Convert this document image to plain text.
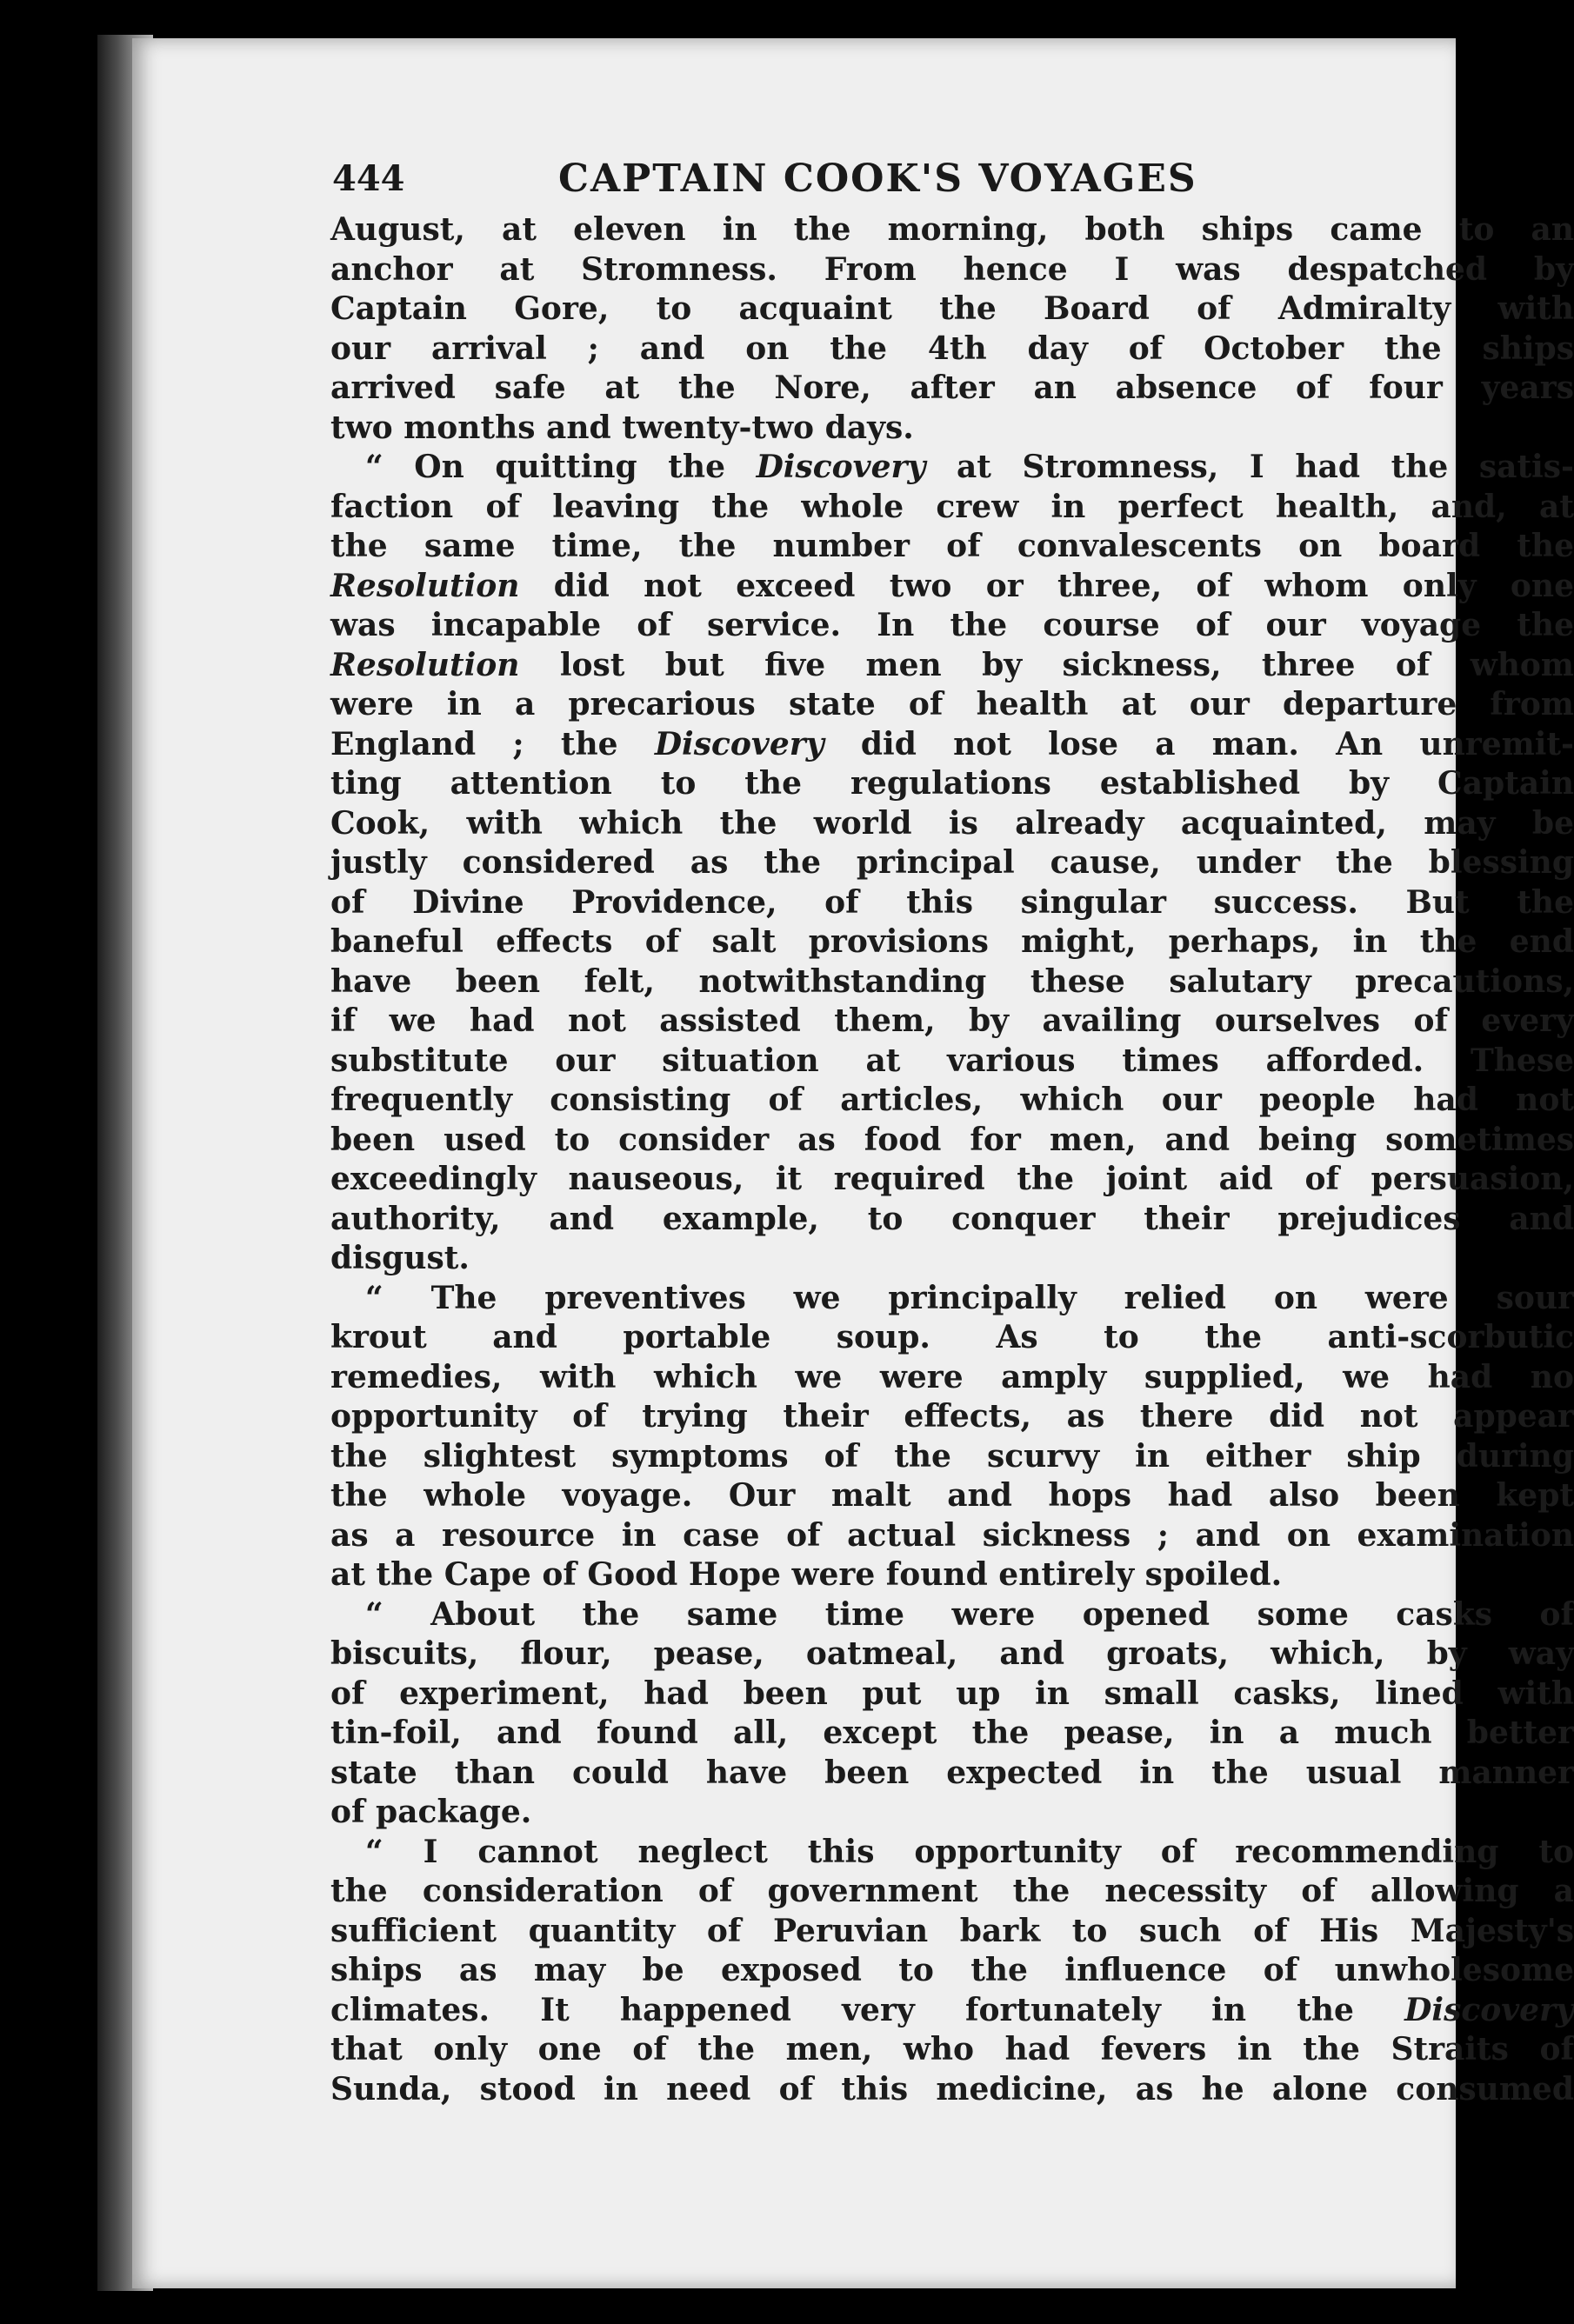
444	CAPTAIN COOK'S VOYAGES
August, at eleven in the morning, both ships came to an
anchor at Stromness. From hence I was despatched by
Captain Gore, to acquaint the Board of Admiralty with
our arrival ; and on the 4th day of October the ships
arrived safe at the Nore, after an absence of four years
two months and twenty-two days.
“ On quitting the Discovery at Stromness, I had the satis-
faction of leaving the whole crew in perfect health, and, at
the same time, the number of convalescents on board the
Resolution did not exceed two or three, of whom only one
was incapable of service. In the course of our voyage the
Resolution lost but five men by sickness, three of whom
were in a precarious state of health at our departure from
England ; the Discovery did not lose a man. An unremit-
ting attention to the regulations established by Captain
Cook, with which the world is already acquainted, may be
justly considered as the principal cause, under the blessing
of Divine Providence, of this singular success. But the
baneful effects of salt provisions might, perhaps, in the end
have been felt, notwithstanding these salutary precautions,
if we had not assisted them, by availing ourselves of every
substitute our situation at various times afforded. These
frequently consisting of articles, which our people had not
been used to consider as food for men, and being sometimes
exceedingly nauseous, it required the joint aid of persuasion,
authority, and example, to conquer their prejudices and
disgust.
“ The preventives we principally relied on were sour
krout and portable soup. As to the anti-scorbutic
remedies, with which we were amply supplied, we had no
opportunity of trying their effects, as there did not appear
the slightest symptoms of the scurvy in either ship during
the whole voyage. Our malt and hops had also been kept
as a resource in case of actual sickness ; and on examination
at the Cape of Good Hope were found entirely spoiled.
“ About the same time were opened some casks of
biscuits, flour, pease, oatmeal, and groats, which, by way
of experiment, had been put up in small casks, lined with
tin-foil, and found all, except the pease, in a much better
state than could have been expected in the usual manner
of package.
“ I cannot neglect this opportunity of recommending to
the consideration of government the necessity of allowing a
sufficient quantity of Peruvian bark to such of His Majesty's
ships as may be exposed to the influence of unwholesome
climates. It happened very fortunately in the Discovery
that only one of the men, who had fevers in the Straits of
Sunda, stood in need of this medicine, as he alone consumed
